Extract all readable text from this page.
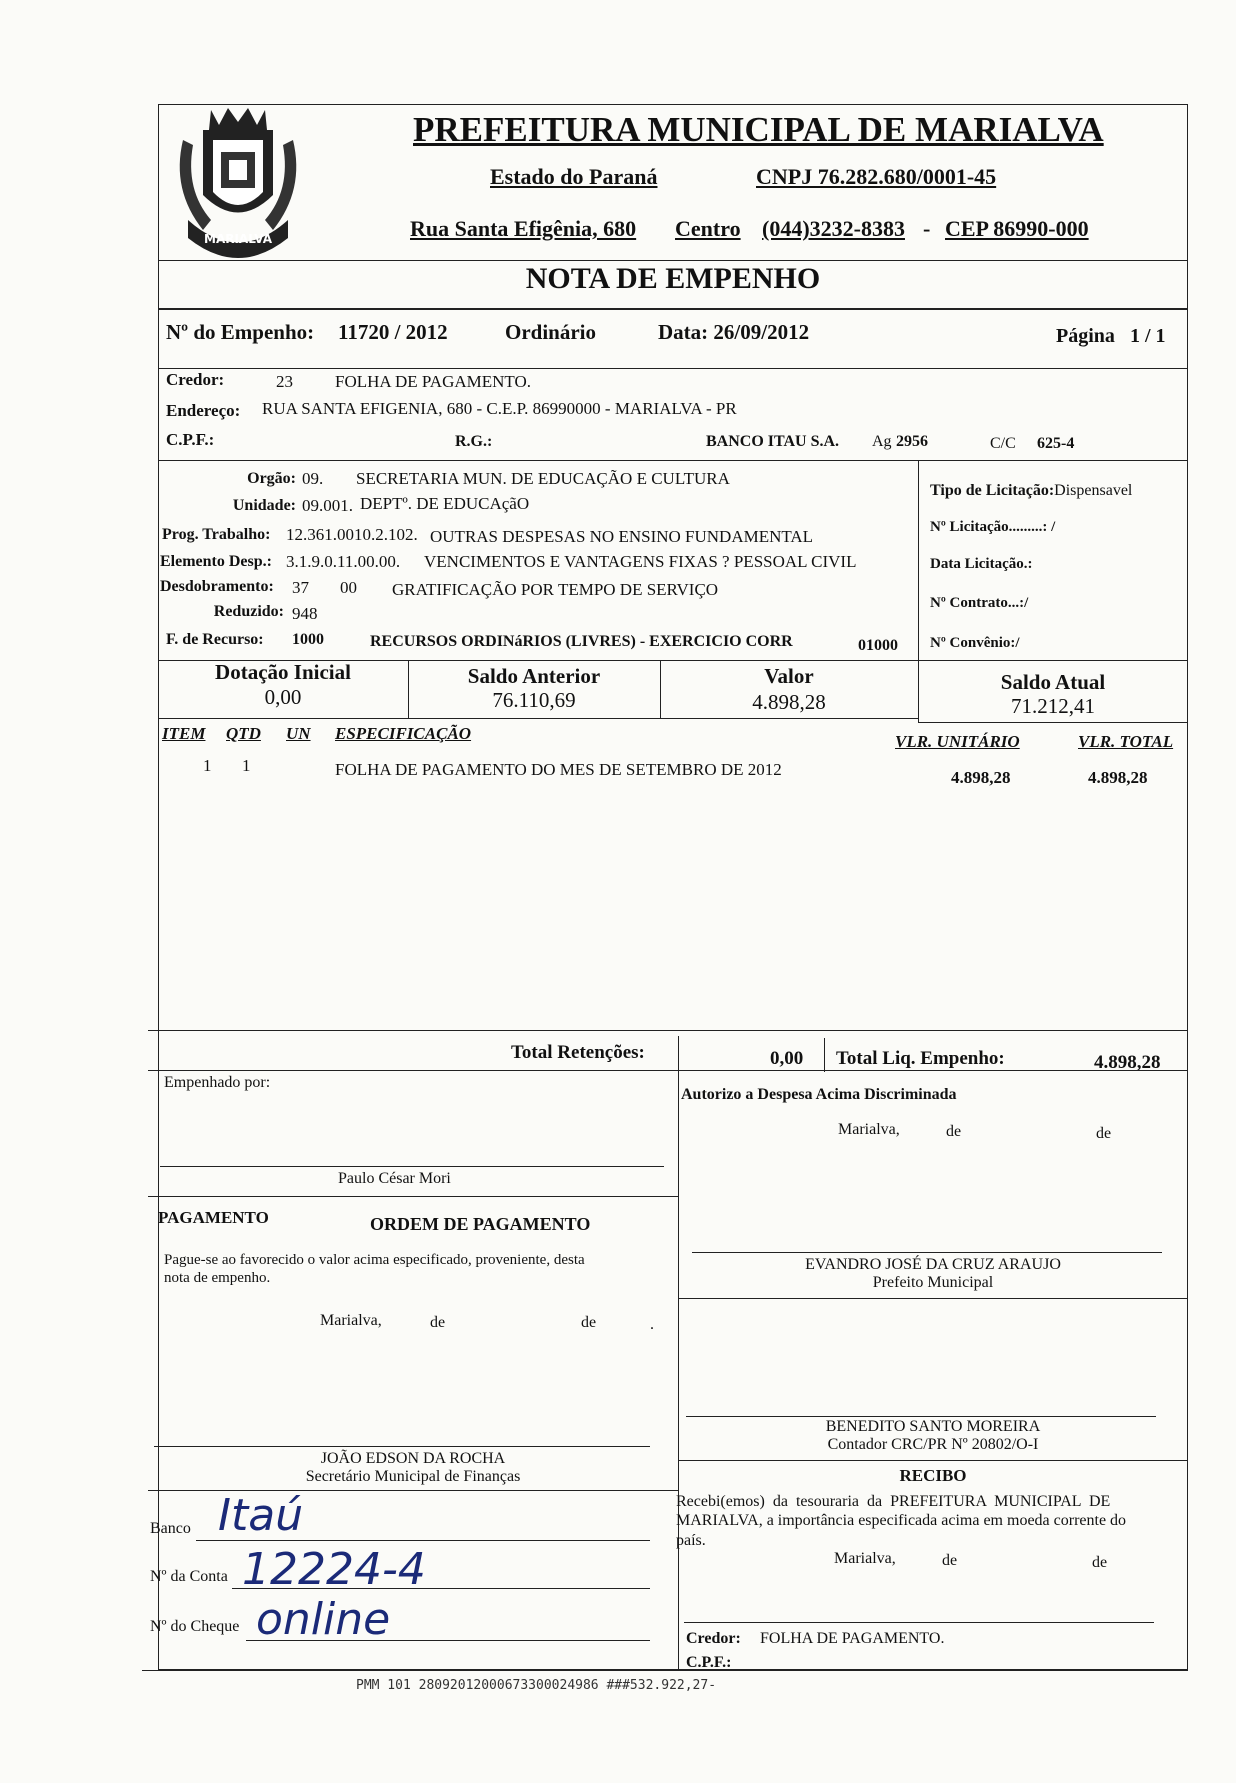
MARIALVA
PREFEITURA MUNICIPAL DE MARIALVA
Estado do Paraná	CNPJ 76.282.680/0001-45
Rua Santa Efigênia, 680 Centro (044)3232-8383 - CEP 86990-000
NOTA DE EMPENHO
Nº do Empenho: 11720 / 2012	Ordinário	Data: 26/09/2012	Página 1 / 1
Credor:	23 FOLHA DE PAGAMENTO.
Endereço: RUA SANTA EFIGENIA, 680 - C.E.P. 86990000 - MARIALVA - PR
C.P.F.:	R.G.:	BANCO ITAU S.A. Ag 2956	C/C 625-4
Orgão: 09. SECRETARIA MUN. DE EDUCAÇÃO E CULTURA
Unidade: 09.001. DEPTº. DE EDUCAçãO
Prog. Trabalho: 12.361.0010.2.102. OUTRAS DESPESAS NO ENSINO FUNDAMENTAL
Elemento Desp.: 3.1.9.0.11.00.00. VENCIMENTOS E VANTAGENS FIXAS ? PESSOAL CIVIL
Desdobramento: 37 00 GRATIFICAÇÃO POR TEMPO DE SERVIÇO
Reduzido: 948
F. de Recurso: 1000	RECURSOS ORDINáRIOS (LIVRES) - EXERCICIO CORR	01000
Tipo de Licitação:Dispensavel
Nº Licitação.........: /
Data Licitação.:
Nº Contrato...:/
Nº Convênio:/
Dotação Inicial
0,00
Saldo Anterior
76.110,69
Valor
4.898,28
Saldo Atual
71.212,41
ITEM QTD UN ESPECIFICAÇÃO	VLR. UNITÁRIO	VLR. TOTAL
1 1	FOLHA DE PAGAMENTO DO MES DE SETEMBRO DE 2012	4.898,28	4.898,28
Total Retenções:	0,00 Total Liq. Empenho:	4.898,28
Empenhado por:
Paulo César Mori
Autorizo a Despesa Acima Discriminada
Marialva,	de	de
EVANDRO JOSÉ DA CRUZ ARAUJO
Prefeito Municipal
PAGAMENTO	ORDEM DE PAGAMENTO
Pague-se ao favorecido o valor acima especificado, proveniente, desta
nota de empenho.
Marialva,	de	de	.
JOÃO EDSON DA ROCHA
Secretário Municipal de Finanças
BENEDITO SANTO MOREIRA
Contador CRC/PR Nº 20802/O-I
RECIBO
Recebi(emos)  da  tesouraria  da  PREFEITURA  MUNICIPAL  DE
MARIALVA, a importância especificada acima em moeda corrente do
país.
Marialva,	de	de
Credor: FOLHA DE PAGAMENTO.
C.P.F.:
Banco Itaú
Nº da Conta 12224-4
Nº do Cheque online
PMM 101 28092012000673300024986 ###532.922,27-
